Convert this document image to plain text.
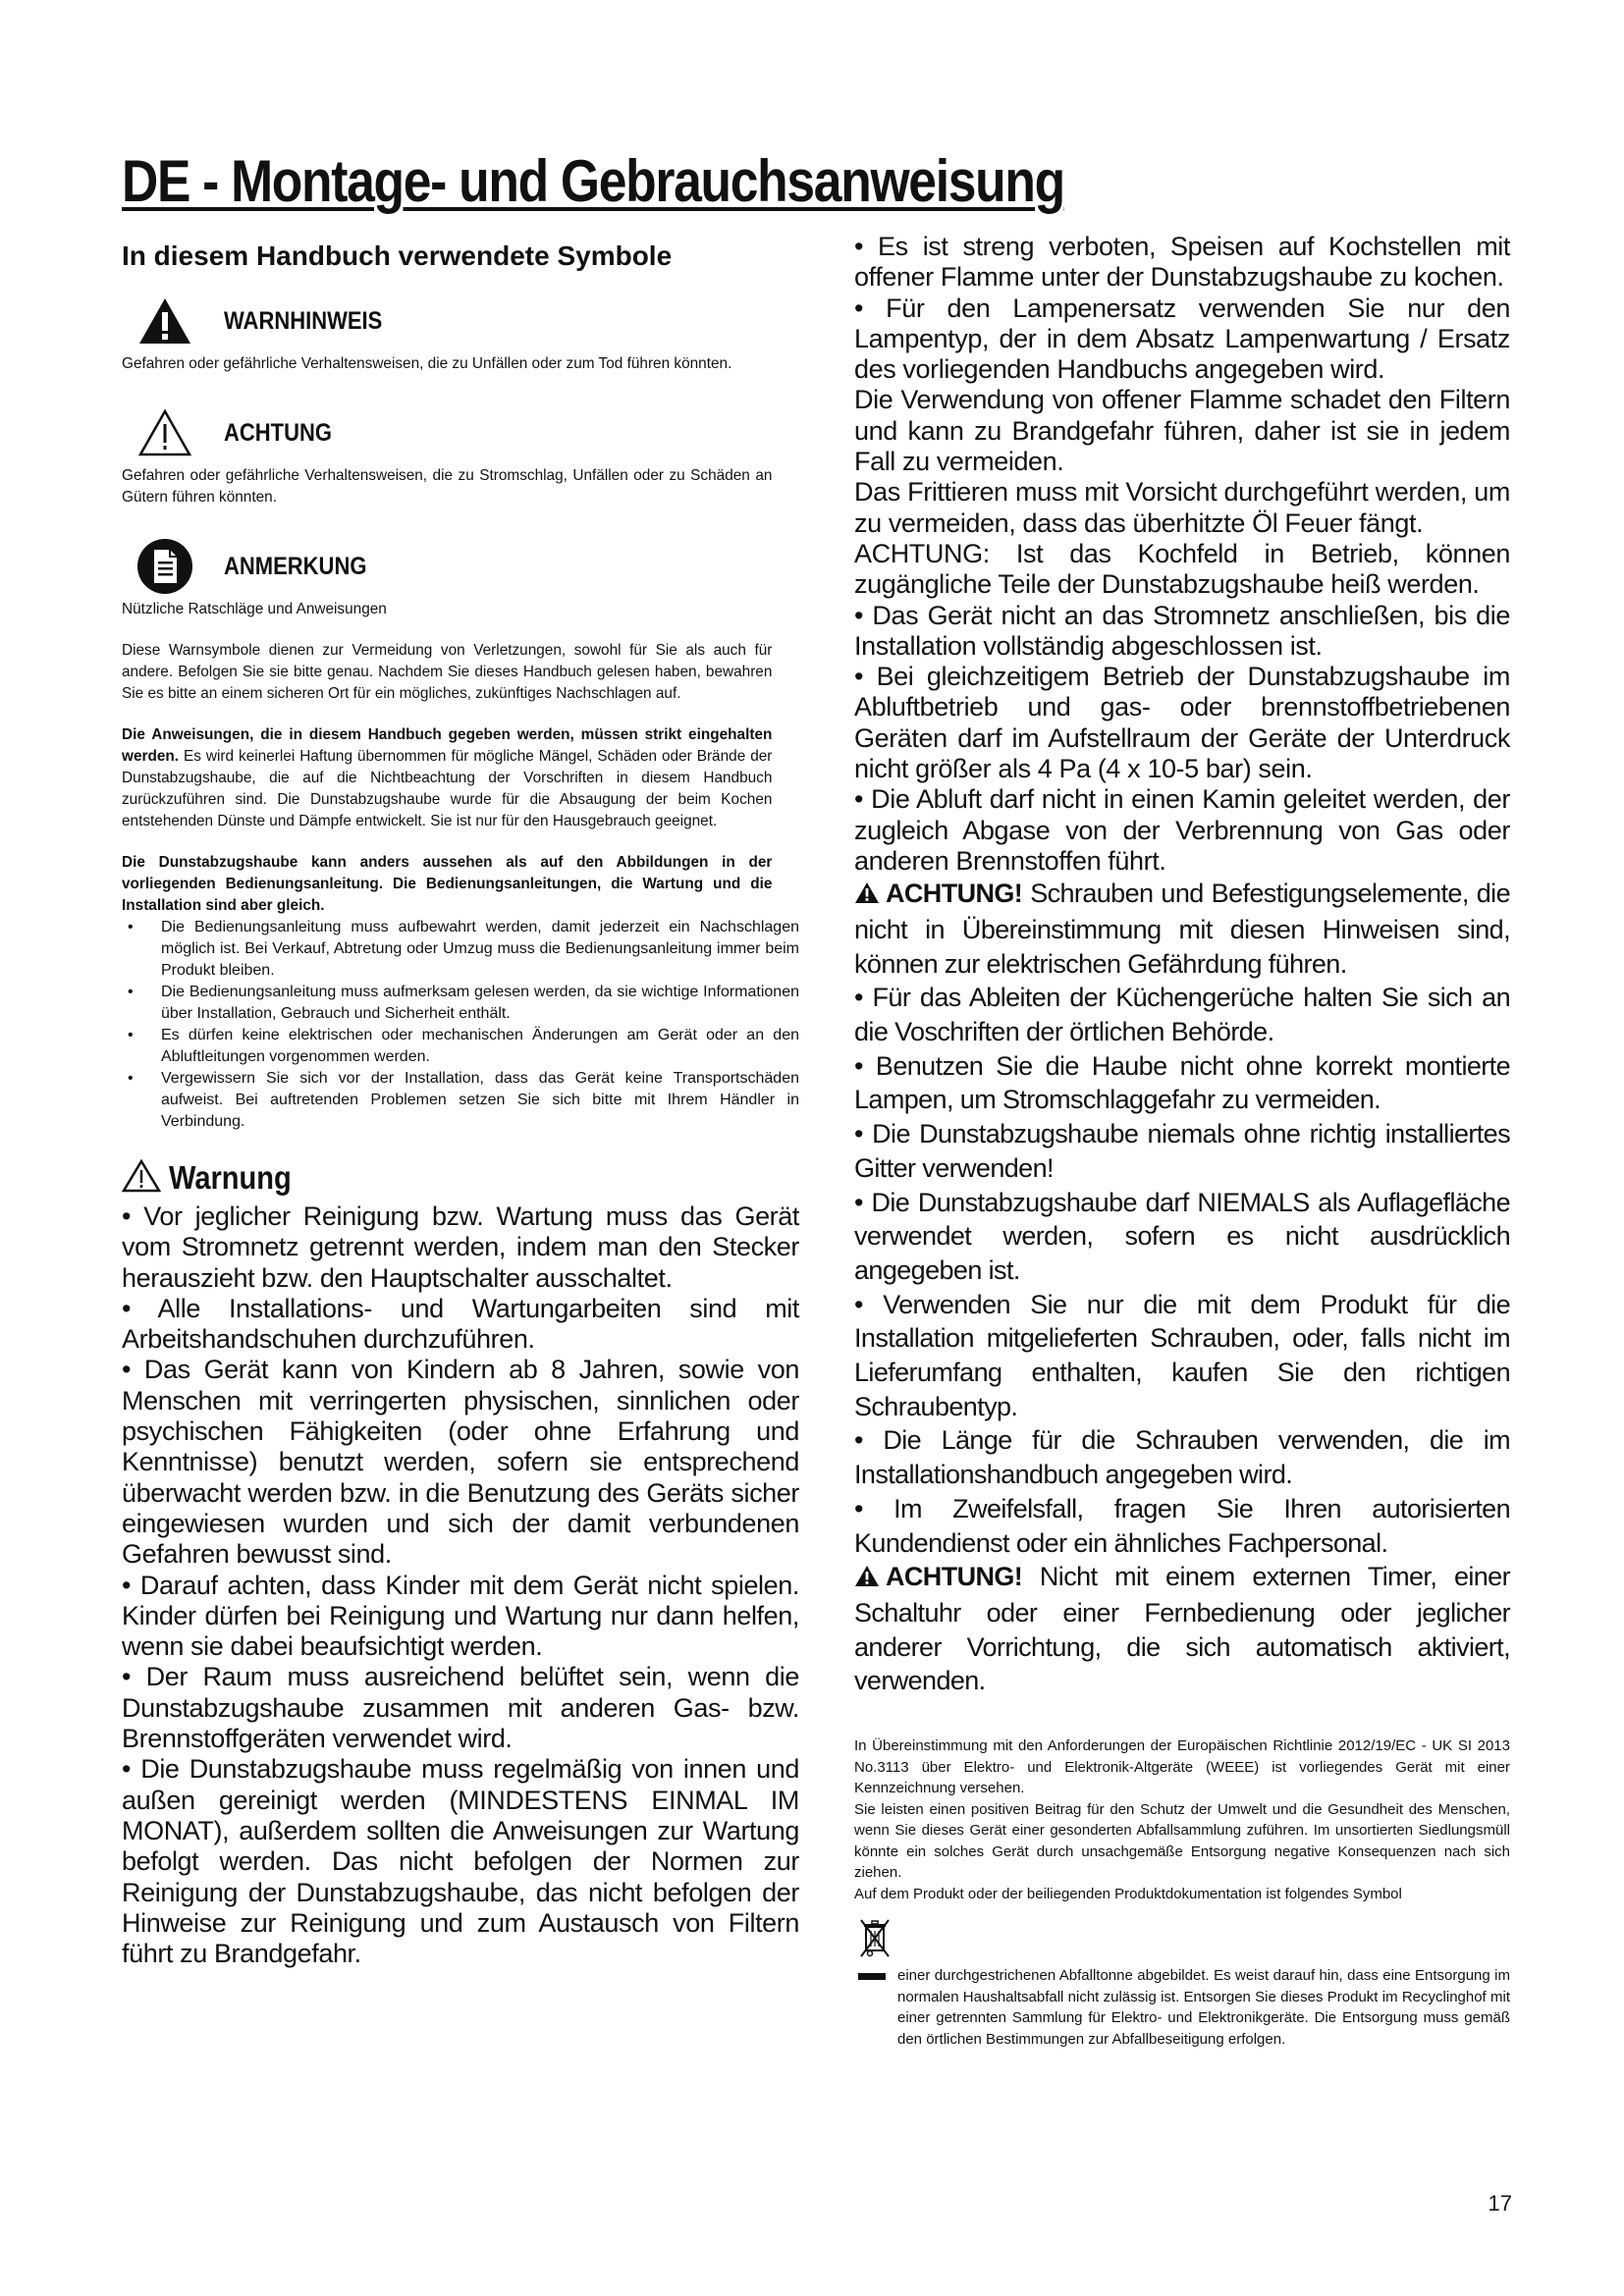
DE - Montage- und Gebrauchsanweisung
In diesem Handbuch verwendete Symbole
WARNHINWEIS

Gefahren oder gefährliche Verhaltensweisen, die zu Unfällen oder zum Tod führen könnten.

ACHTUNG

Gefahren oder gefährliche Verhaltensweisen, die zu Stromschlag, Unfällen oder zu Schäden an Gütern führen könnten.

ANMERKUNG

Nützliche Ratschläge und Anweisungen

Diese Warnsymbole dienen zur Vermeidung von Verletzungen, sowohl für Sie als auch für andere. Befolgen Sie sie bitte genau. Nachdem Sie dieses Handbuch gelesen haben, bewahren Sie es bitte an einem sicheren Ort für ein mögliches, zukünftiges Nachschlagen auf.

Die Anweisungen, die in diesem Handbuch gegeben werden, müssen strikt eingehalten werden. Es wird keinerlei Haftung übernommen für mögliche Mängel, Schäden oder Brände der Dunstabzugshaube, die auf die Nichtbeachtung der Vorschriften in diesem Handbuch zurückzuführen sind. Die Dunstabzugshaube wurde für die Absaugung der beim Kochen entstehenden Dünste und Dämpfe entwickelt. Sie ist nur für den Hausgebrauch geeignet.

Die Dunstabzugshaube kann anders aussehen als auf den Abbildungen in der vorliegenden Bedienungsanleitung. Die Bedienungsanleitungen, die Wartung und die Installation sind aber gleich.

• Die Bedienungsanleitung muss aufbewahrt werden, damit jederzeit ein Nachschlagen möglich ist. Bei Verkauf, Abtretung oder Umzug muss die Bedienungsanleitung immer beim Produkt bleiben.
• Die Bedienungsanleitung muss aufmerksam gelesen werden, da sie wichtige Informationen über Installation, Gebrauch und Sicherheit enthält.
• Es dürfen keine elektrischen oder mechanischen Änderungen am Gerät oder an den Abluftleitungen vorgenommen werden.
• Vergewissern Sie sich vor der Installation, dass das Gerät keine Transportschäden aufweist. Bei auftretenden Problemen setzen Sie sich bitte mit Ihrem Händler in Verbindung.
Warnung

• Vor jeglicher Reinigung bzw. Wartung muss das Gerät vom Stromnetz getrennt werden, indem man den Stecker herauszieht bzw. den Hauptschalter ausschaltet.

• Alle Installations- und Wartungarbeiten sind mit Arbeitshandschuhen durchzuführen.

• Das Gerät kann von Kindern ab 8 Jahren, sowie von Menschen mit verringerten physischen, sinnlichen oder psychischen Fähigkeiten (oder ohne Erfahrung und Kenntnisse) benutzt werden, sofern sie entsprechend überwacht werden bzw. in die Benutzung des Geräts sicher eingewiesen wurden und sich der damit verbundenen Gefahren bewusst sind.

• Darauf achten, dass Kinder mit dem Gerät nicht spielen. Kinder dürfen bei Reinigung und Wartung nur dann helfen, wenn sie dabei beaufsichtigt werden.

• Der Raum muss ausreichend belüftet sein, wenn die Dunstabzugshaube zusammen mit anderen Gas- bzw. Brennstoffgeräten verwendet wird.

• Die Dunstabzugshaube muss regelmäßig von innen und außen gereinigt werden (MINDESTENS EINMAL IM MONAT), außerdem sollten die Anweisungen zur Wartung befolgt werden. Das nicht befolgen der Normen zur Reinigung der Dunstabzugshaube, das nicht befolgen der Hinweise zur Reinigung und zum Austausch von Filtern führt zu Brandgefahr.

• Es ist streng verboten, Speisen auf Kochstellen mit offener Flamme unter der Dunstabzugshaube zu kochen.

• Für den Lampenersatz verwenden Sie nur den Lampentyp, der in dem Absatz Lampenwartung / Ersatz des vorliegenden Handbuchs angegeben wird.

Die Verwendung von offener Flamme schadet den Filtern und kann zu Brandgefahr führen, daher ist sie in jedem Fall zu vermeiden.

Das Frittieren muss mit Vorsicht durchgeführt werden, um zu vermeiden, dass das überhitzte Öl Feuer fängt.

ACHTUNG: Ist das Kochfeld in Betrieb, können zugängliche Teile der Dunstabzugshaube heiß werden.

• Das Gerät nicht an das Stromnetz anschließen, bis die Installation vollständig abgeschlossen ist.

• Bei gleichzeitigem Betrieb der Dunstabzugshaube im Abluftbetrieb und gas- oder brennstoffbetriebenen Geräten darf im Aufstellraum der Geräte der Unterdruck nicht größer als 4 Pa (4 x 10-5 bar) sein.

• Die Abluft darf nicht in einen Kamin geleitet werden, der zugleich Abgase von der Verbrennung von Gas oder anderen Brennstoffen führt.

ACHTUNG! Schrauben und Befestigungselemente, die nicht in Übereinstimmung mit diesen Hinweisen sind, können zur elektrischen Gefährdung führen.

• Für das Ableiten der Küchengerüche halten Sie sich an die Voschriften der örtlichen Behörde.

• Benutzen Sie die Haube nicht ohne korrekt montierte Lampen, um Stromschlaggefahr zu vermeiden.

• Die Dunstabzugshaube niemals ohne richtig installiertes Gitter verwenden!

• Die Dunstabzugshaube darf NIEMALS als Auflagefläche verwendet werden, sofern es nicht ausdrücklich angegeben ist.

• Verwenden Sie nur die mit dem Produkt für die Installation mitgelieferten Schrauben, oder, falls nicht im Lieferumfang enthalten, kaufen Sie den richtigen Schraubentyp.

• Die Länge für die Schrauben verwenden, die im Installationshandbuch angegeben wird.

• Im Zweifelsfall, fragen Sie Ihren autorisierten Kundendienst oder ein ähnliches Fachpersonal.

ACHTUNG! Nicht mit einem externen Timer, einer Schaltuhr oder einer Fernbedienung oder jeglicher anderer Vorrichtung, die sich automatisch aktiviert, verwenden.

In Übereinstimmung mit den Anforderungen der Europäischen Richtlinie 2012/19/EC - UK SI 2013 No.3113 über Elektro- und Elektronik-Altgeräte (WEEE) ist vorliegendes Gerät mit einer Kennzeichnung versehen.

Sie leisten einen positiven Beitrag für den Schutz der Umwelt und die Gesundheit des Menschen, wenn Sie dieses Gerät einer gesonderten Abfallsammlung zuführen. Im unsortierten Siedlungsmüll könnte ein solches Gerät durch unsachgemäße Entsorgung negative Konsequenzen nach sich ziehen.

Auf dem Produkt oder der beiliegenden Produktdokumentation ist folgendes Symbol

einer durchgestrichenen Abfalltonne abgebildet. Es weist darauf hin, dass eine Entsorgung im normalen Haushaltsabfall nicht zulässig ist. Entsorgen Sie dieses Produkt im Recyclinghof mit einer getrennten Sammlung für Elektro- und Elektronikgeräte. Die Entsorgung muss gemäß den örtlichen Bestimmungen zur Abfallbeseitigung erfolgen.

17
